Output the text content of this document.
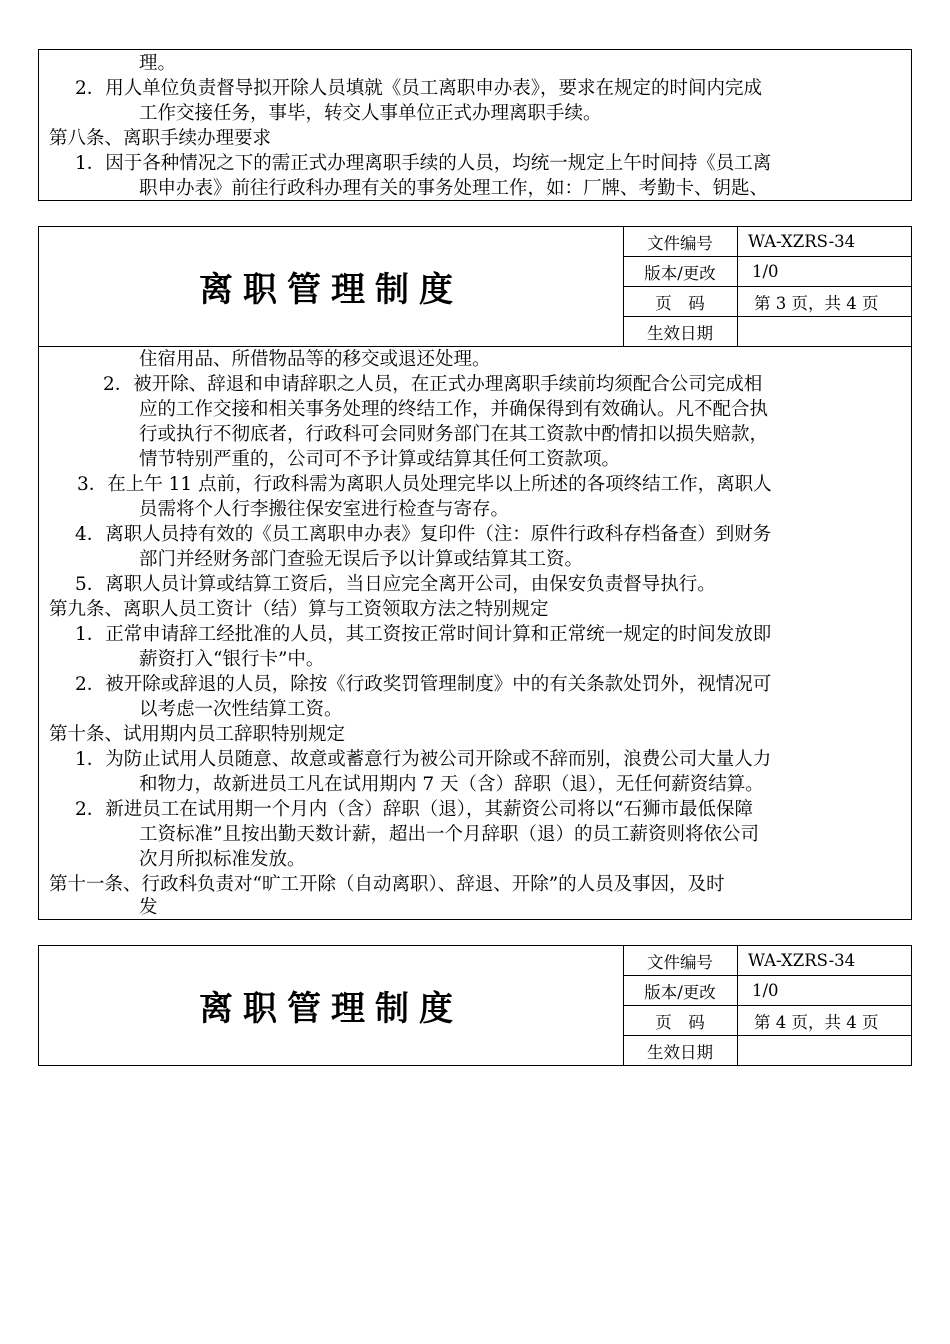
理。
2．用人单位负责督导拟开除人员填就《员工离职申办表》，要求在规定的时间内完成
工作交接任务，事毕，转交人事单位正式办理离职手续。
第八条、离职手续办理要求
1．因于各种情况之下的需正式办理离职手续的人员，均统一规定上午时间持《员工离
职申办表》前往行政科办理有关的事务处理工作，如：厂牌、考勤卡、钥匙、
离职管理制度
文件编号	WA-XZRS-34
版本/更改	1/0
页　码	第 3 页，共 4 页
生效日期	
住宿用品、所借物品等的移交或退还处理。
2．被开除、辞退和申请辞职之人员，在正式办理离职手续前均须配合公司完成相
应的工作交接和相关事务处理的终结工作，并确保得到有效确认。凡不配合执
行或执行不彻底者，行政科可会同财务部门在其工资款中酌情扣以损失赔款，
情节特别严重的，公司可不予计算或结算其任何工资款项。
3．在上午 11 点前，行政科需为离职人员处理完毕以上所述的各项终结工作，离职人
员需将个人行李搬往保安室进行检查与寄存。
4．离职人员持有效的《员工离职申办表》复印件（注：原件行政科存档备查）到财务
部门并经财务部门查验无误后予以计算或结算其工资。
5．离职人员计算或结算工资后，当日应完全离开公司，由保安负责督导执行。
第九条、离职人员工资计（结）算与工资领取方法之特别规定
1．正常申请辞工经批准的人员，其工资按正常时间计算和正常统一规定的时间发放即
薪资打入“银行卡”中。
2．被开除或辞退的人员，除按《行政奖罚管理制度》中的有关条款处罚外，视情况可
以考虑一次性结算工资。
第十条、试用期内员工辞职特别规定
1．为防止试用人员随意、故意或蓄意行为被公司开除或不辞而别，浪费公司大量人力
和物力，故新进员工凡在试用期内 7 天（含）辞职（退），无任何薪资结算。
2．新进员工在试用期一个月内（含）辞职（退），其薪资公司将以“石狮市最低保障
工资标准”且按出勤天数计薪，超出一个月辞职（退）的员工薪资则将依公司
次月所拟标准发放。
第十一条、行政科负责对“旷工开除（自动离职）、辞退、开除”的人员及事因，及时
发
离职管理制度
文件编号	WA-XZRS-34
版本/更改	1/0
页　码	第 4 页，共 4 页
生效日期	
